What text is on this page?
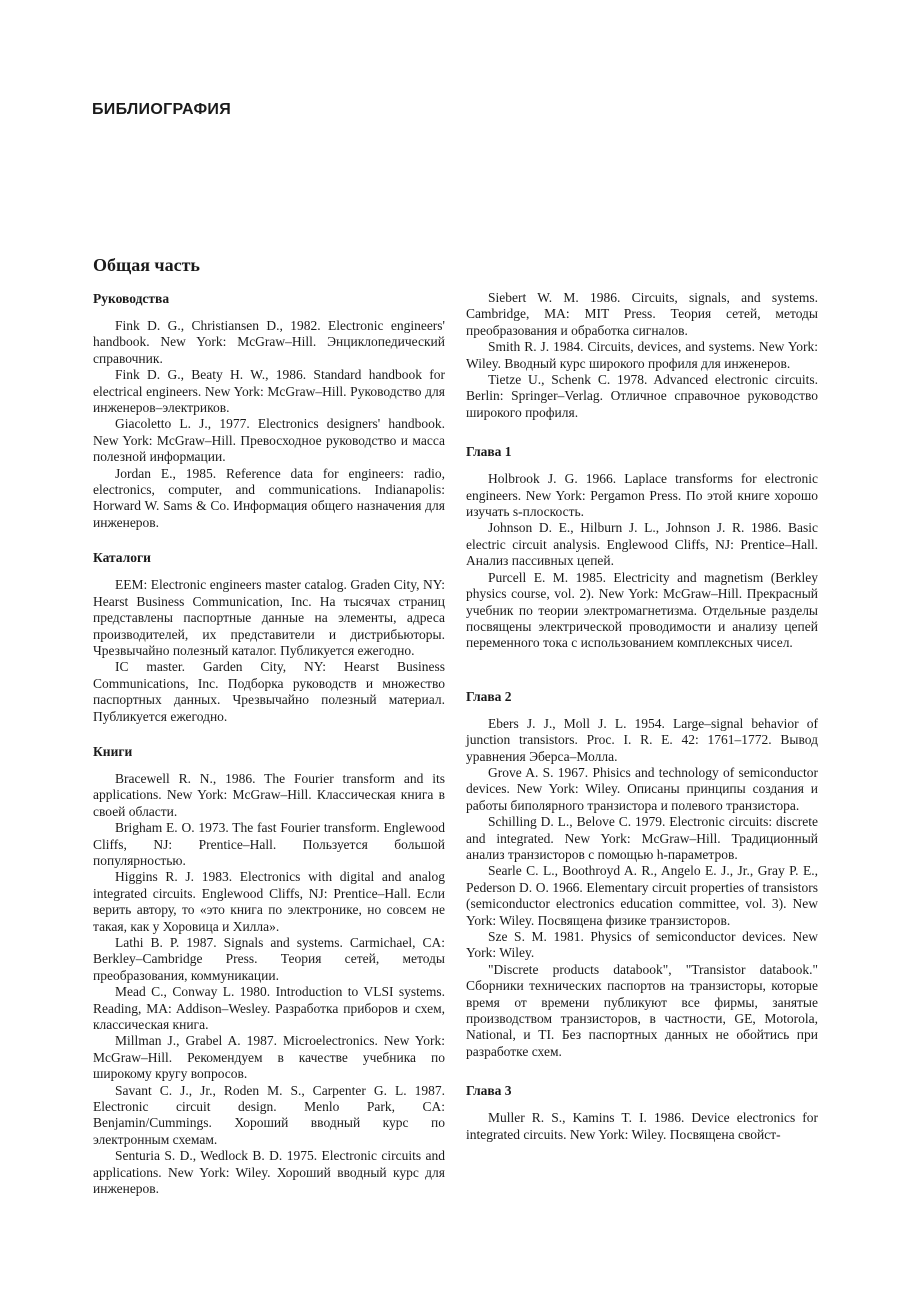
БИБЛИОГРАФИЯ
Общая часть
Руководства

Fink D. G., Christiansen D., 1982. Electronic engineers' handbook. New York: McGraw–Hill. Энциклопедический справочник.

Fink D. G., Beaty H. W., 1986. Standard handbook for electrical engineers. New York: McGraw–Hill. Руководство для инженеров–электриков.

Giacoletto L. J., 1977. Electronics designers' handbook. New York: McGraw–Hill. Превосходное руководство и масса полезной информации.

Jordan E., 1985. Reference data for engineers: radio, electronics, computer, and communications. Indianapolis: Horward W. Sams & Co. Информация общего назначения для инженеров.

Каталоги

EEM: Electronic engineers master catalog. Graden City, NY: Hearst Business Communication, Inc. На тысячах страниц представлены паспортные данные на элементы, адреса производителей, их представители и дистрибьюторы. Чрезвычайно полезный каталог. Публикуется ежегодно.

IC master. Garden City, NY: Hearst Business Communications, Inc. Подборка руководств и множество паспортных данных. Чрезвычайно полезный материал. Публикуется ежегодно.

Книги

Bracewell R. N., 1986. The Fourier transform and its applications. New York: McGraw–Hill. Классическая книга в своей области.

Brigham E. O. 1973. The fast Fourier transform. Englewood Cliffs, NJ: Prentice–Hall. Пользуется большой популярностью.

Higgins R. J. 1983. Electronics with digital and analog integrated circuits. Englewood Cliffs, NJ: Prentice–Hall. Если верить автору, то «это книга по электронике, но совсем не такая, как у Хоровица и Хилла».

Lathi B. P. 1987. Signals and systems. Carmichael, CA: Berkley–Cambridge Press. Теория сетей, методы преобразования, коммуникации.

Mead C., Conway L. 1980. Introduction to VLSI systems. Reading, MA: Addison–Wesley. Разработка приборов и схем, классическая книга.

Millman J., Grabel A. 1987. Microelectronics. New York: McGraw–Hill. Рекомендуем в качестве учебника по широкому кругу вопросов.

Savant C. J., Jr., Roden M. S., Carpenter G. L. 1987. Electronic circuit design. Menlo Park, CA: Benjamin/Cummings. Хороший вводный курс по электронным схемам.

Senturia S. D., Wedlock B. D. 1975. Electronic circuits and applications. New York: Wiley. Хороший вводный курс для инженеров.

Siebert W. M. 1986. Circuits, signals, and systems. Cambridge, MA: MIT Press. Теория сетей, методы преобразования и обработка сигналов.

Smith R. J. 1984. Circuits, devices, and systems. New York: Wiley. Вводный курс широкого профиля для инженеров.

Tietze U., Schenk C. 1978. Advanced electronic circuits. Berlin: Springer–Verlag. Отличное справочное руководство широкого профиля.

Глава 1

Holbrook J. G. 1966. Laplace transforms for electronic engineers. New York: Pergamon Press. По этой книге хорошо изучать s-плоскость.

Johnson D. E., Hilburn J. L., Johnson J. R. 1986. Basic electric circuit analysis. Englewood Cliffs, NJ: Prentice–Hall. Анализ пассивных цепей.

Purcell E. M. 1985. Electricity and magnetism (Berkley physics course, vol. 2). New York: McGraw–Hill. Прекрасный учебник по теории электромагнетизма. Отдельные разделы посвящены электрической проводимости и анализу цепей переменного тока с использованием комплексных чисел.

Глава 2

Ebers J. J., Moll J. L. 1954. Large–signal behavior of junction transistors. Proc. I. R. E. 42: 1761–1772. Вывод уравнения Эберса–Молла.

Grove A. S. 1967. Phisics and technology of semiconductor devices. New York: Wiley. Описаны принципы создания и работы биполярного транзистора и полевого транзистора.

Schilling D. L., Belove C. 1979. Electronic circuits: discrete and integrated. New York: McGraw–Hill. Традиционный анализ транзисторов с помощью h-параметров.

Searle C. L., Boothroyd A. R., Angelo E. J., Jr., Gray P. E., Pederson D. O. 1966. Elementary circuit properties of transistors (semiconductor electronics education committee, vol. 3). New York: Wiley. Посвящена физике транзисторов.

Sze S. M. 1981. Physics of semiconductor devices. New York: Wiley.

"Discrete products databook", "Transistor databook." Сборники технических паспортов на транзисторы, которые время от времени публикуют все фирмы, занятые производством транзисторов, в частности, GE, Motorola, National, и TI. Без паспортных данных не обойтись при разработке схем.

Глава 3

Muller R. S., Kamins T. I. 1986. Device electronics for integrated circuits. New York: Wiley. Посвящена свойст-
